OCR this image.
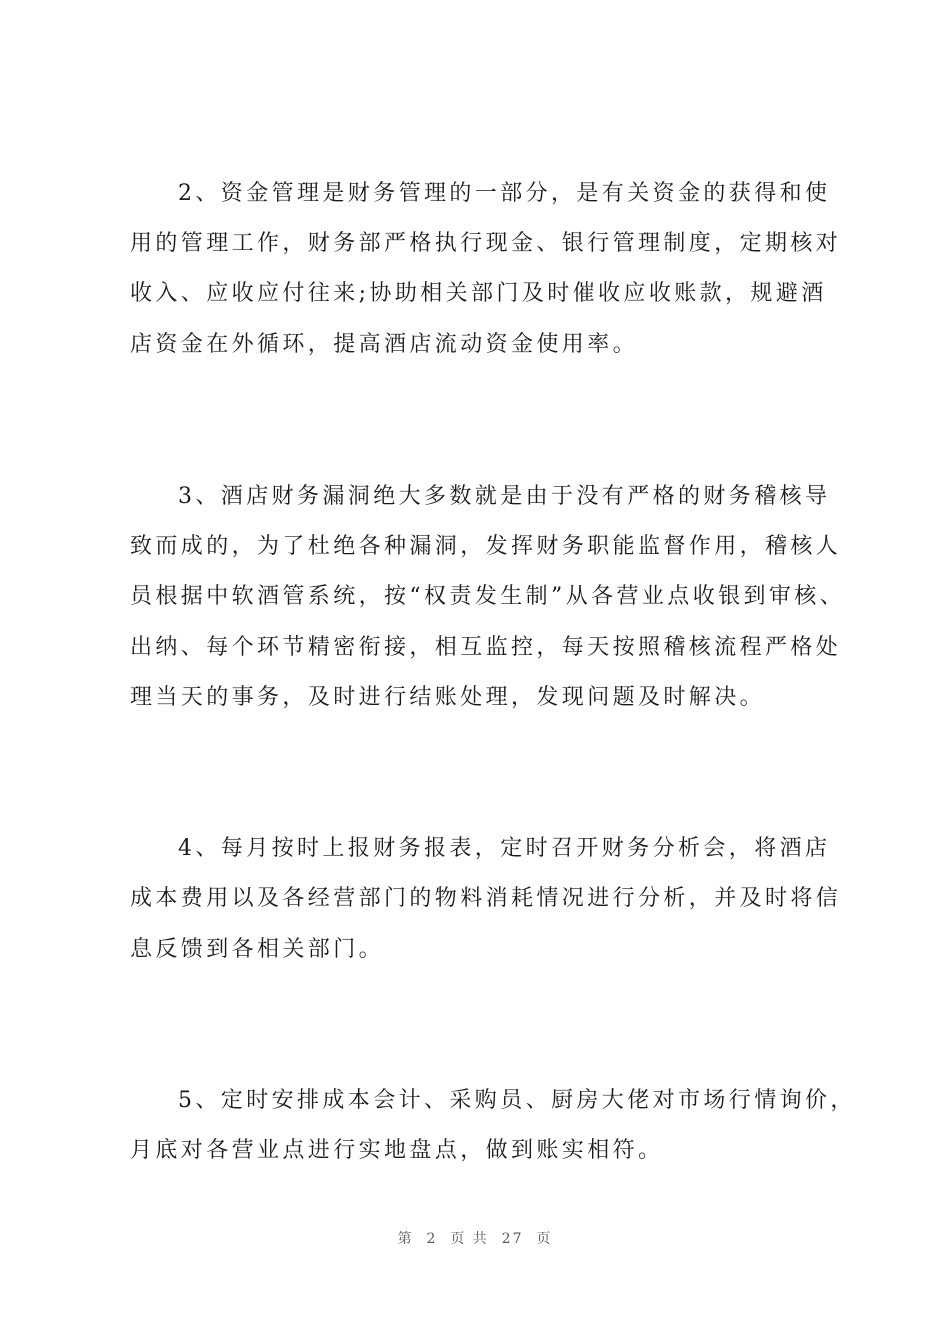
2、资金管理是财务管理的一部分，是有关资金的获得和使
用的管理工作，财务部严格执行现金、银行管理制度，定期核对
收入、应收应付往来;协助相关部门及时催收应收账款，规避酒
店资金在外循环，提高酒店流动资金使用率。
3、酒店财务漏洞绝大多数就是由于没有严格的财务稽核导
致而成的，为了杜绝各种漏洞，发挥财务职能监督作用，稽核人
员根据中软酒管系统，按“权责发生制”从各营业点收银到审核、
出纳、每个环节精密衔接，相互监控，每天按照稽核流程严格处
理当天的事务，及时进行结账处理，发现问题及时解决。
4、每月按时上报财务报表，定时召开财务分析会，将酒店
成本费用以及各经营部门的物料消耗情况进行分析，并及时将信
息反馈到各相关部门。
5、定时安排成本会计、采购员、厨房大佬对市场行情询价，
月底对各营业点进行实地盘点，做到账实相符。
第  2  页 共  27  页
